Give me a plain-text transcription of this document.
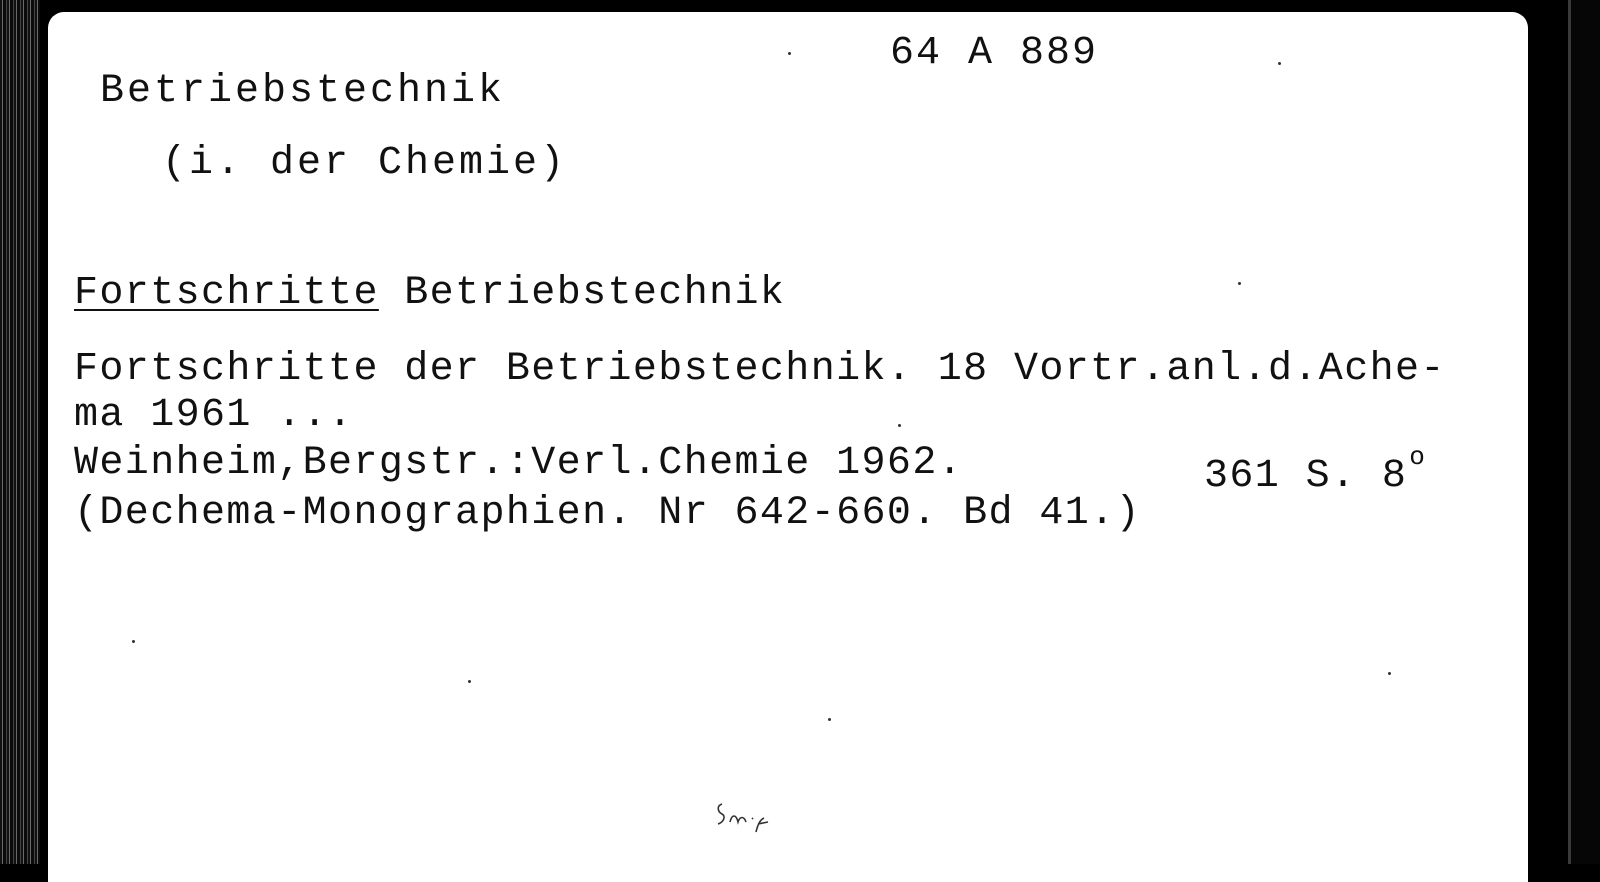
64 A 889
Betriebstechnik
(i. der Chemie)
Fortschritte Betriebstechnik
Fortschritte der Betriebstechnik. 18 Vortr.anl.d.Ache-
ma 1961 ...
Weinheim,Bergstr.:Verl.Chemie 1962.	361 S. 8$^o$
(Dechema-Monographien. Nr 642-660. Bd 41.)
